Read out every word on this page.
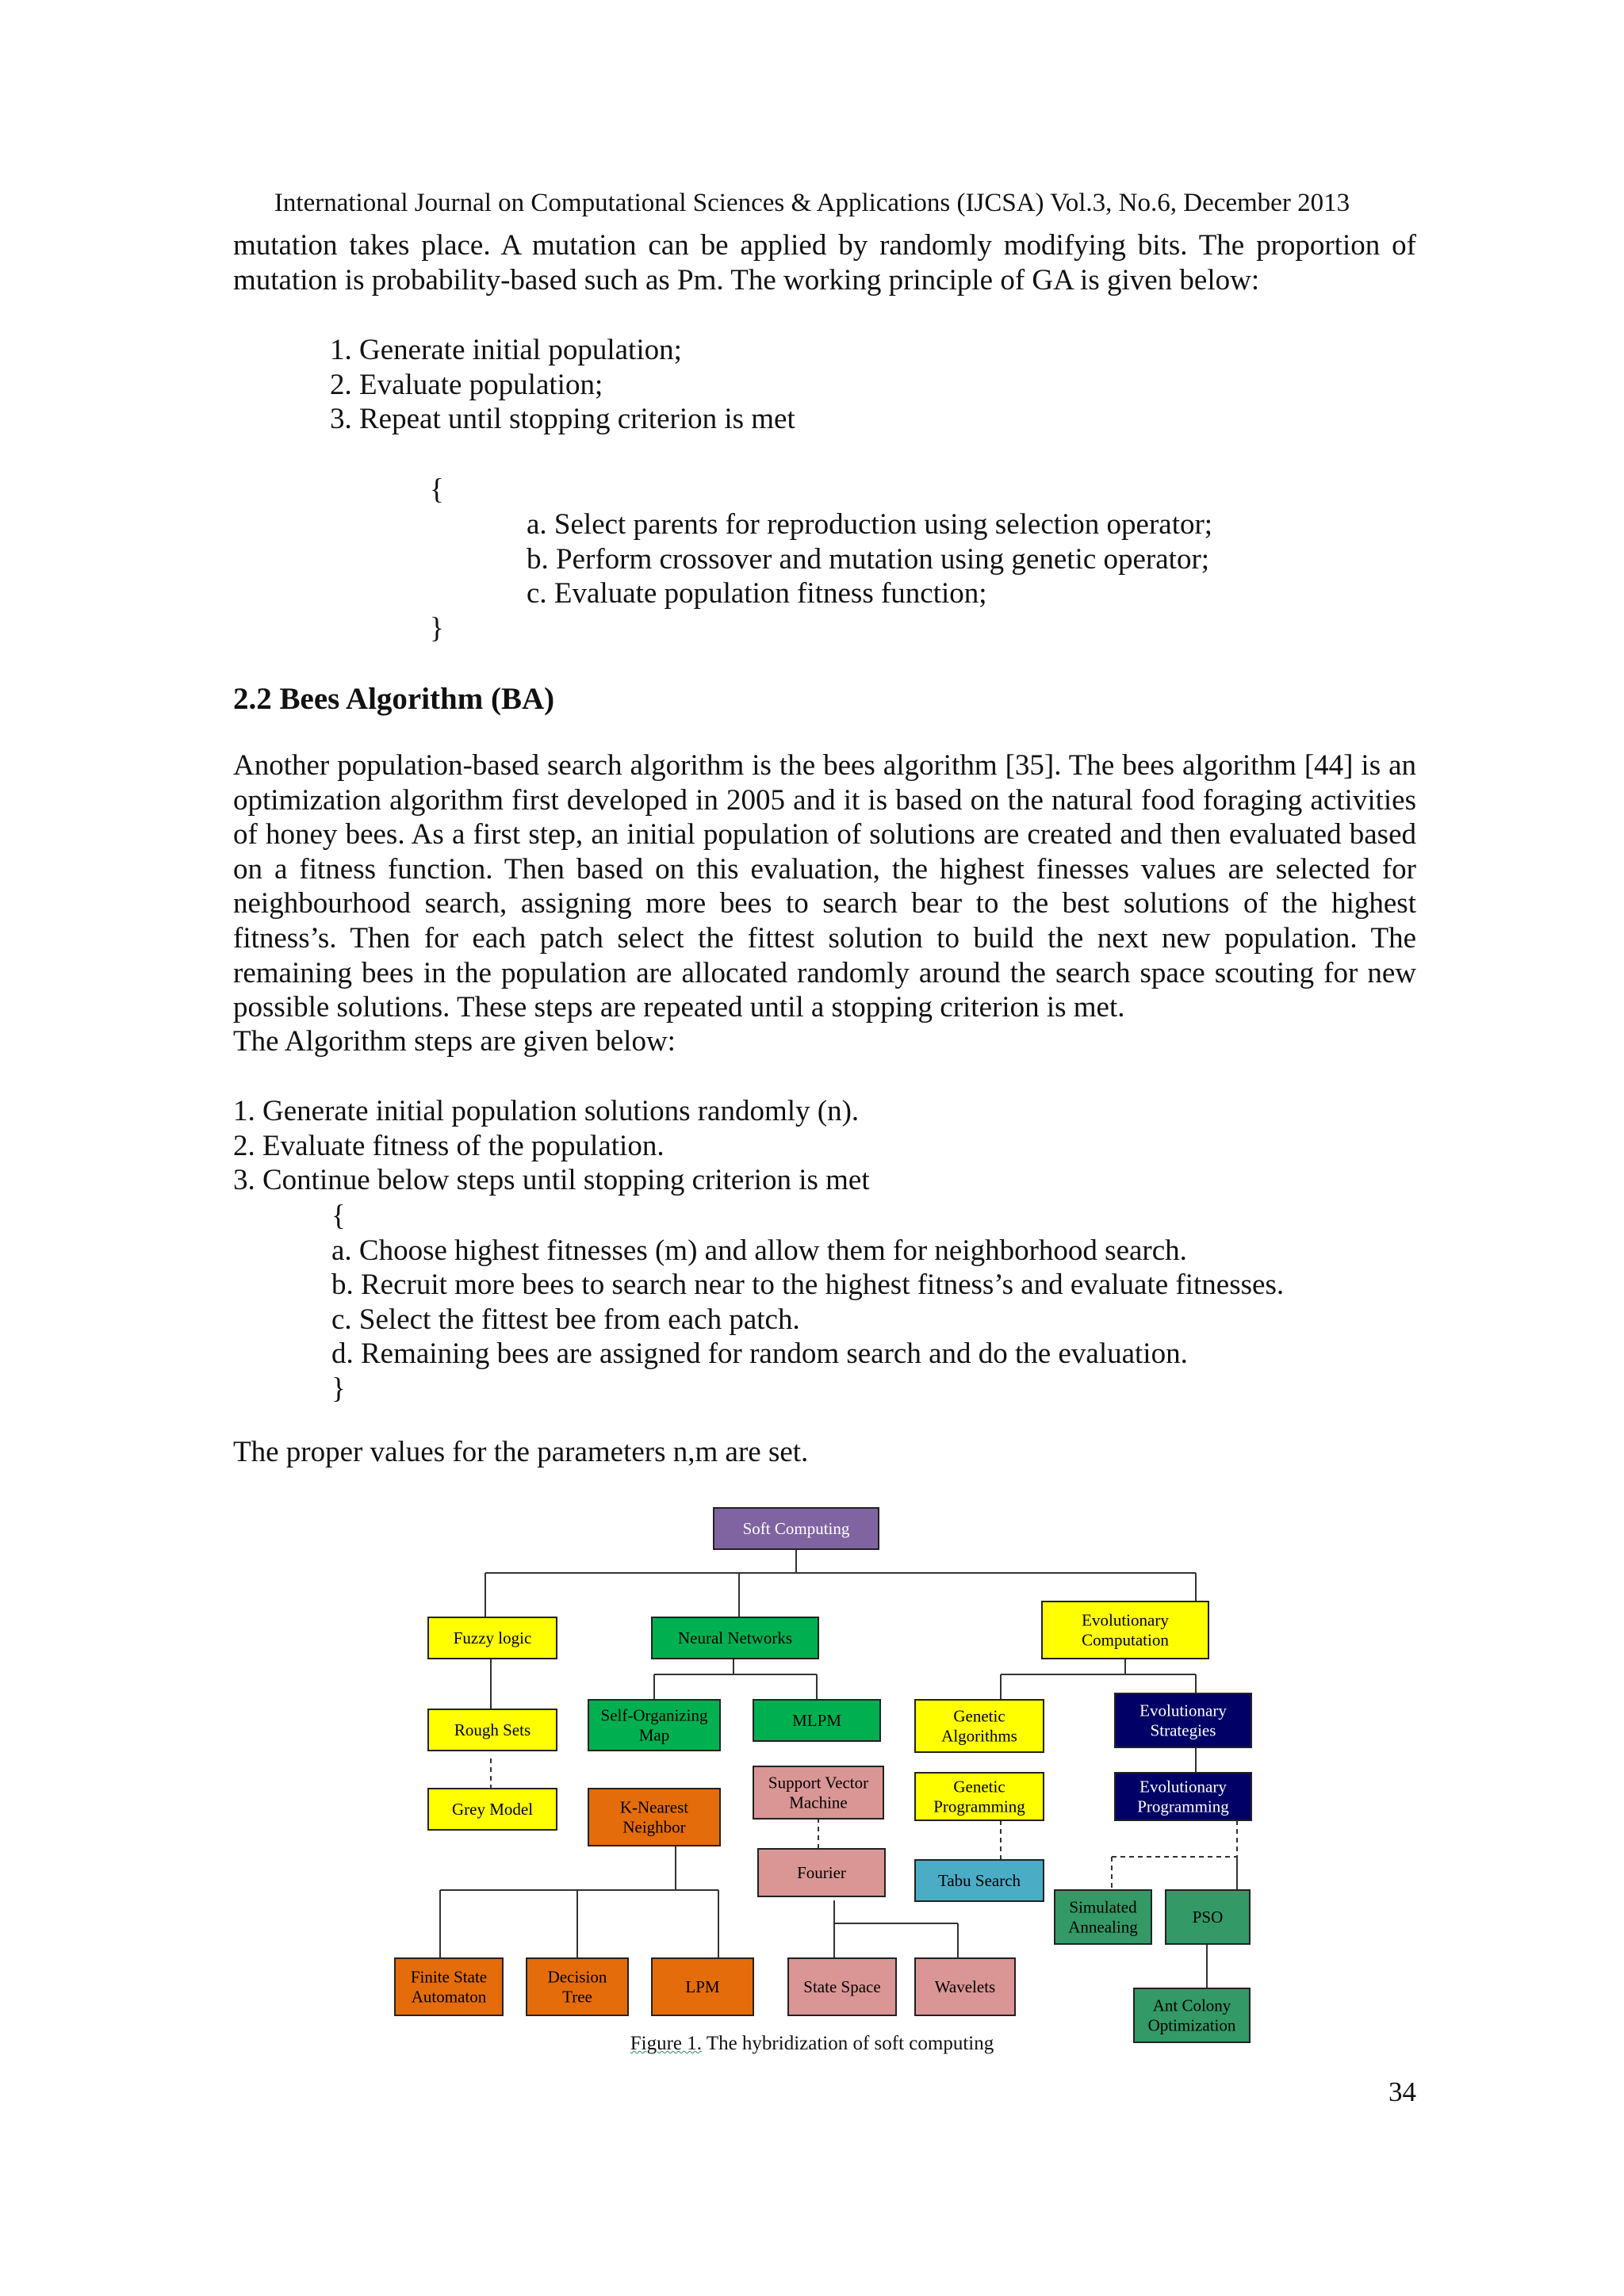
International Journal on Computational Sciences & Applications (IJCSA) Vol.3, No.6, December 2013
mutation takes place. A mutation can be applied by randomly modifying bits. The proportion of mutation is probability-based such as Pm. The working principle of GA is given below:
1. Generate initial population;
2. Evaluate population;
3. Repeat until stopping criterion is met
{
a. Select parents for reproduction using selection operator;
b. Perform crossover and mutation using genetic operator;
c. Evaluate population fitness function;
}
2.2 Bees Algorithm (BA)
Another population-based search algorithm is the bees algorithm [35]. The bees algorithm [44] is an optimization algorithm first developed in 2005 and it is based on the natural food foraging activities of honey bees. As a first step, an initial population of solutions are created and then evaluated based on a fitness function. Then based on this evaluation, the highest finesses values are selected for neighbourhood search, assigning more bees to search bear to the best solutions of the highest fitness’s. Then for each patch select the fittest solution to build the next new population. The remaining bees in the population are allocated randomly around the search space scouting for new possible solutions. These steps are repeated until a stopping criterion is met.
The Algorithm steps are given below:
1. Generate initial population solutions randomly (n).
2. Evaluate fitness of the population.
3. Continue below steps until stopping criterion is met
{
a. Choose highest fitnesses (m) and allow them for neighborhood search.
b. Recruit more bees to search near to the highest fitness’s and evaluate fitnesses.
c. Select the fittest bee from each patch.
d. Remaining bees are assigned for random search and do the evaluation.
}
The proper values for the parameters n,m are set.
Soft Computing
Fuzzy logic	Neural Networks
Evolutionary Computation
Rough Sets
Self-Organizing Map
MLPM	Genetic Algorithms
Evolutionary Strategies
Grey Model	K-Nearest Neighbor
Support Vector Machine
Genetic Programming
Evolutionary Programming
Fourier	Tabu Search
Simulated Annealing
PSO
Finite State Automaton
Decision Tree
LPM	State Space	Wavelets
Ant Colony Optimization
Figure 1. The hybridization of soft computing
34
